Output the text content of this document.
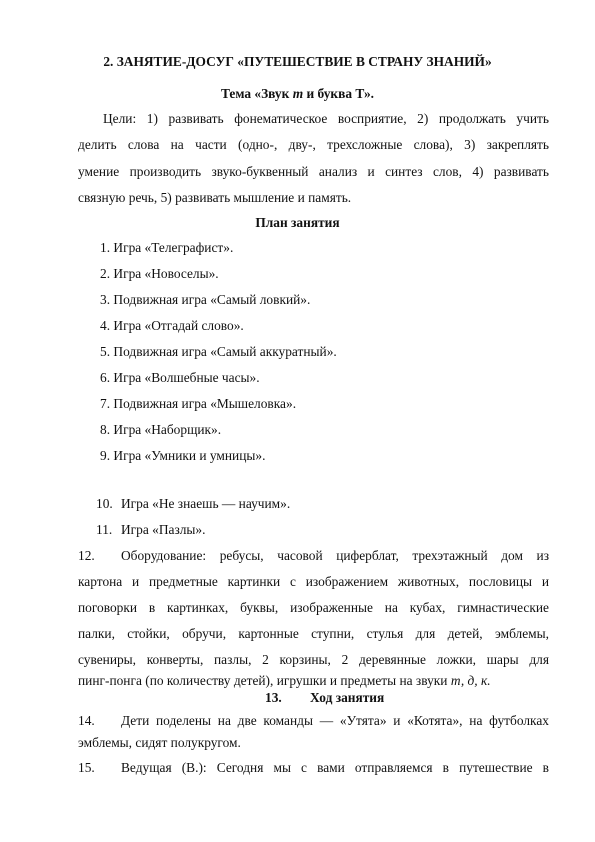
2. ЗАНЯТИЕ-ДОСУГ «ПУТЕШЕСТВИЕ В СТРАНУ ЗНАНИЙ»
Тема «Звук т и буква Т».
Цели: 1) развивать фонематическое восприятие, 2) продолжать учить
делить слова на части (одно-, дву-, трехсложные слова), 3) закреплять
умение производить звуко-буквенный анализ и синтез слов, 4) развивать
связную речь, 5) развивать мышление и память.
План занятия
1. Игра «Телеграфист».
2. Игра «Новоселы».
3. Подвижная игра «Самый ловкий».
4. Игра «Отгадай слово».
5. Подвижная игра «Самый аккуратный».
6. Игра «Волшебные часы».
7. Подвижная игра «Мышеловка».
8. Игра «Наборщик».
9. Игра «Умники и умницы».
10. Игра «Не знаешь — научим».
11. Игра «Пазлы».
12. Оборудование: ребусы, часовой циферблат, трехэтажный дом из
картона и предметные картинки с изображением животных, пословицы и
поговорки в картинках, буквы, изображенные на кубах, гимнастические
палки, стойки, обручи, картонные ступни, стулья для детей, эмблемы,
сувениры, конверты, пазлы, 2 корзины, 2 деревянные ложки, шары для
пинг-понга (по количеству детей), игрушки и предметы на звуки т, д, к.
13. Ход занятия
14. Дети поделены на две команды — «Утята» и «Котята», на футболках
эмблемы, сидят полукругом.
15. Ведущая (В.): Сегодня мы с вами отправляемся в путешествие в
